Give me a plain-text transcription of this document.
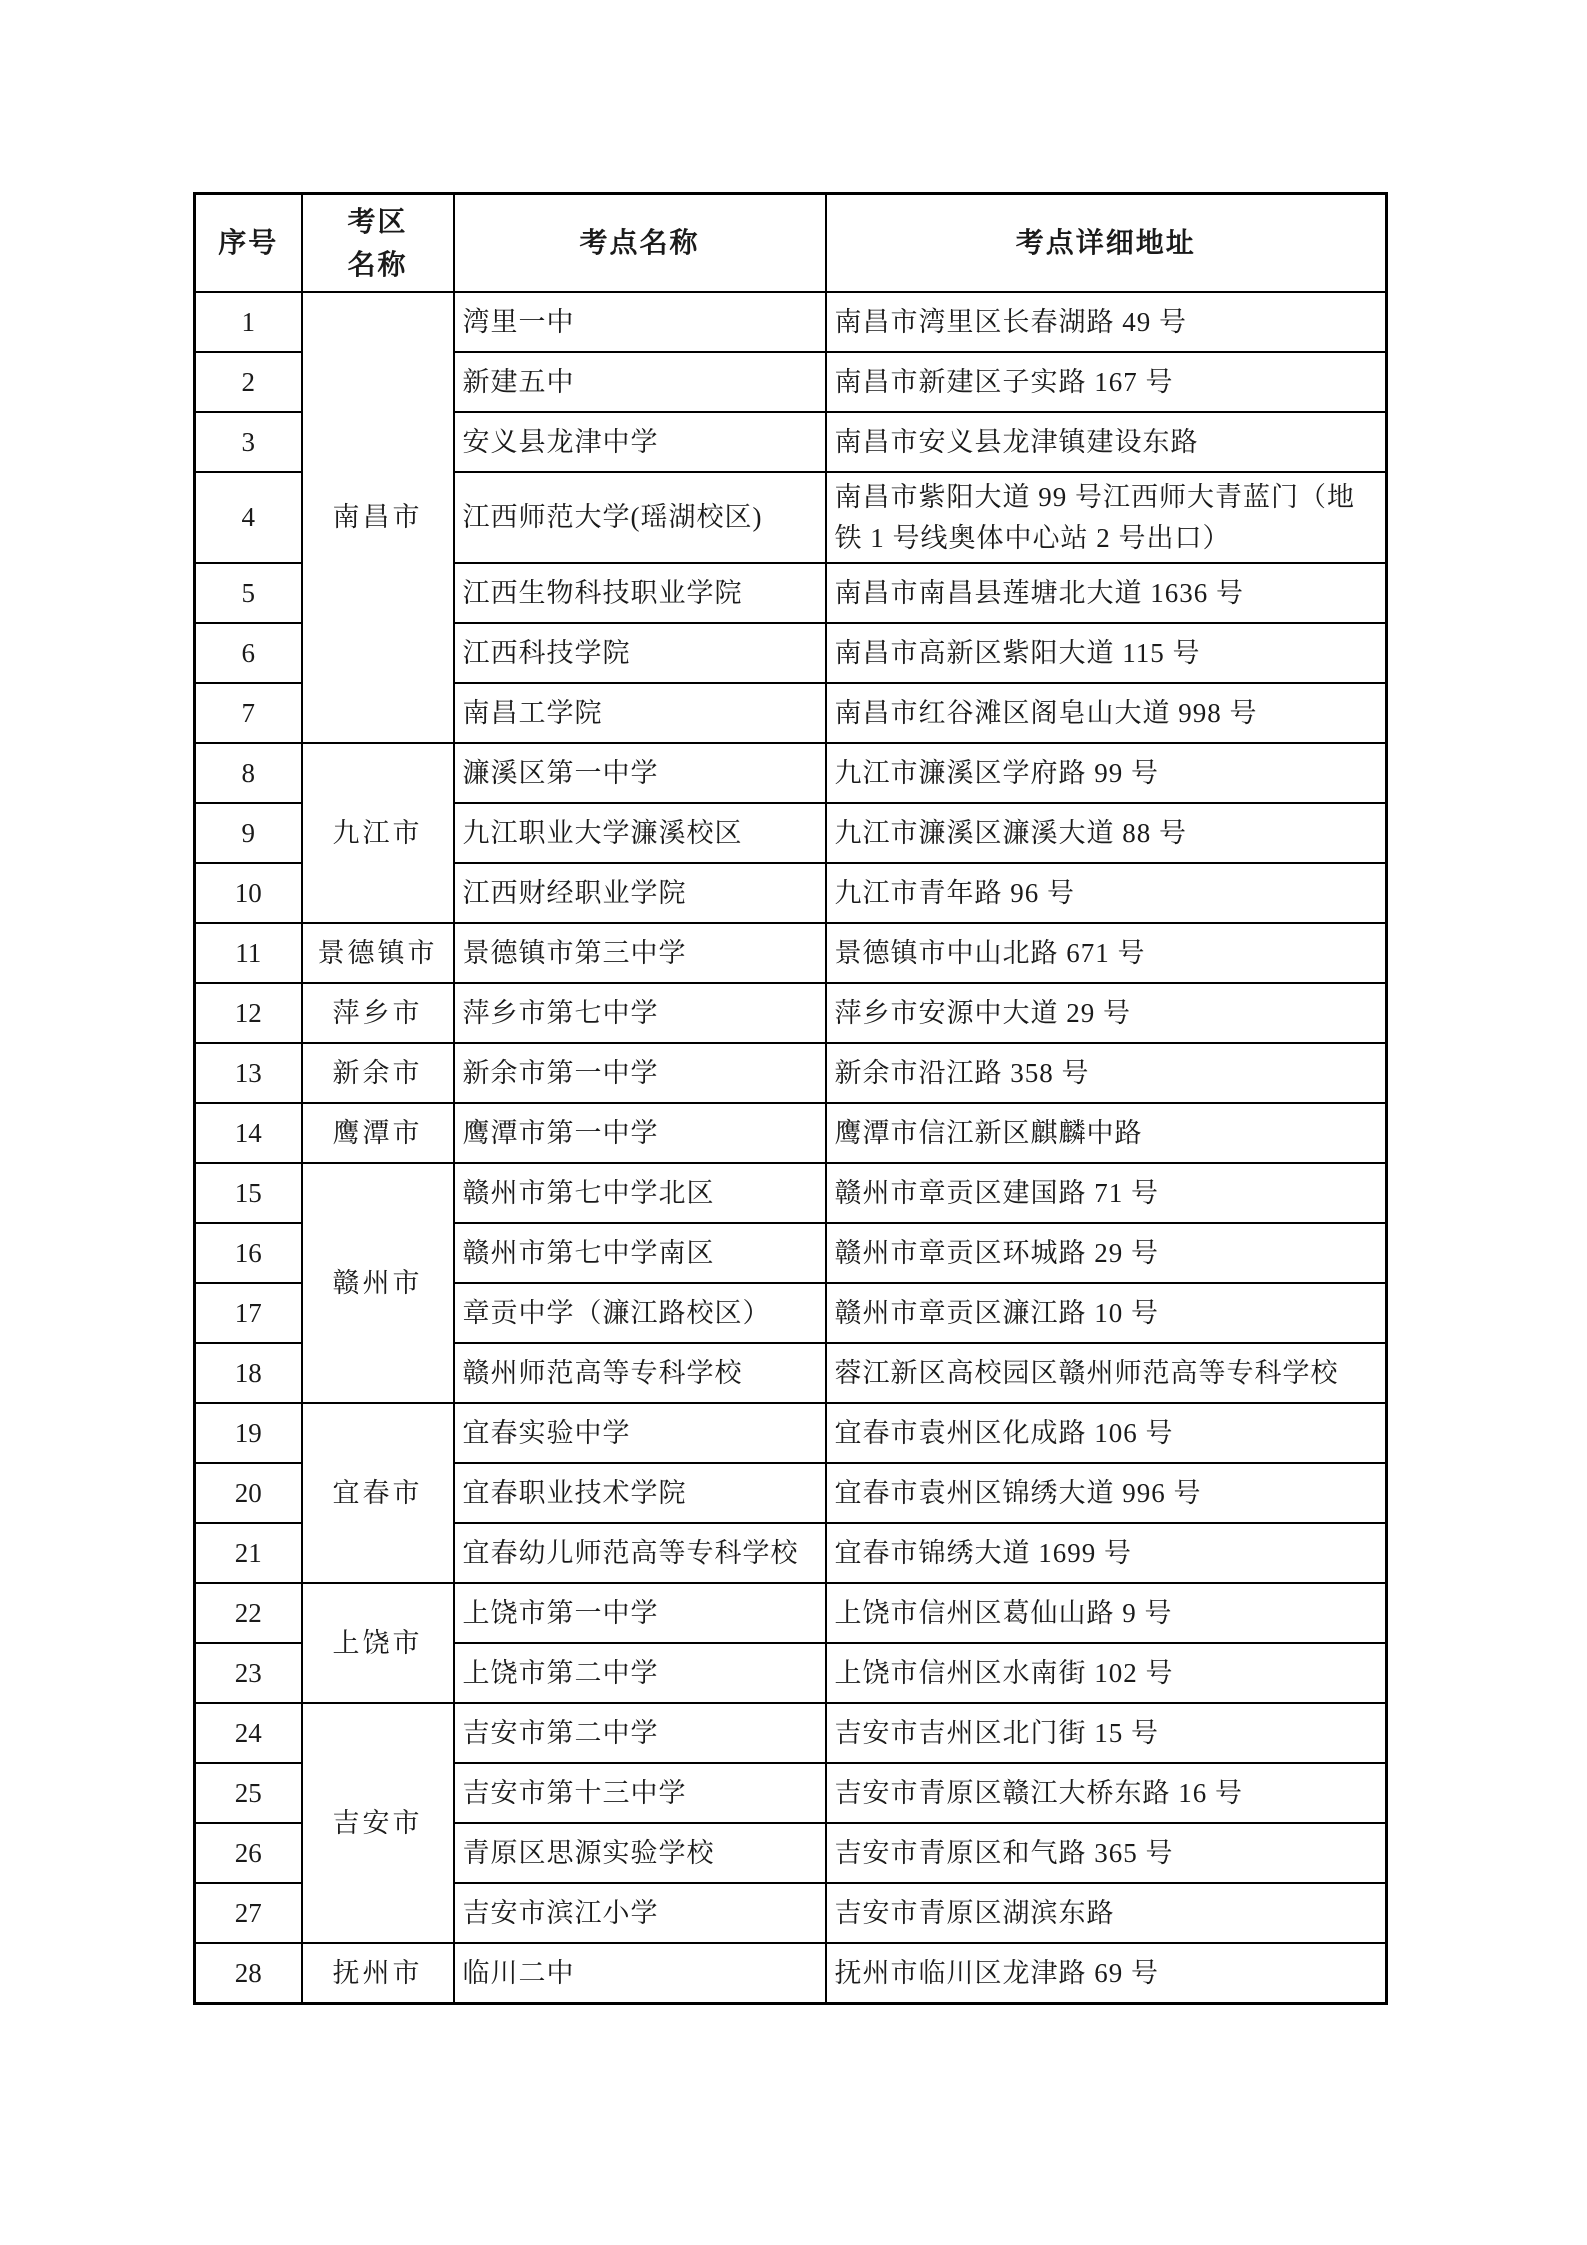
序号	考区名称	考点名称	考点详细地址
1	南昌市	湾里一中	南昌市湾里区长春湖路 49 号
2		新建五中	南昌市新建区子实路 167 号
3		安义县龙津中学	南昌市安义县龙津镇建设东路
4		江西师范大学(瑶湖校区)	南昌市紫阳大道 99 号江西师大青蓝门（地铁 1 号线奥体中心站 2 号出口）
5		江西生物科技职业学院	南昌市南昌县莲塘北大道 1636 号
6		江西科技学院	南昌市高新区紫阳大道 115 号
7		南昌工学院	南昌市红谷滩区阁皂山大道 998 号
8	九江市	濂溪区第一中学	九江市濂溪区学府路 99 号
9		九江职业大学濂溪校区	九江市濂溪区濂溪大道 88 号
10		江西财经职业学院	九江市青年路 96 号
11	景德镇市	景德镇市第三中学	景德镇市中山北路 671 号
12	萍乡市	萍乡市第七中学	萍乡市安源中大道 29 号
13	新余市	新余市第一中学	新余市沿江路 358 号
14	鹰潭市	鹰潭市第一中学	鹰潭市信江新区麒麟中路
15	赣州市	赣州市第七中学北区	赣州市章贡区建国路 71 号
16		赣州市第七中学南区	赣州市章贡区环城路 29 号
17		章贡中学（濂江路校区）	赣州市章贡区濂江路 10 号
18		赣州师范高等专科学校	蓉江新区高校园区赣州师范高等专科学校
19	宜春市	宜春实验中学	宜春市袁州区化成路 106 号
20		宜春职业技术学院	宜春市袁州区锦绣大道 996 号
21		宜春幼儿师范高等专科学校	宜春市锦绣大道 1699 号
22	上饶市	上饶市第一中学	上饶市信州区葛仙山路 9 号
23		上饶市第二中学	上饶市信州区水南街 102 号
24	吉安市	吉安市第二中学	吉安市吉州区北门街 15 号
25		吉安市第十三中学	吉安市青原区赣江大桥东路 16 号
26		青原区思源实验学校	吉安市青原区和气路 365 号
27		吉安市滨江小学	吉安市青原区湖滨东路
28	抚州市	临川二中	抚州市临川区龙津路 69 号
